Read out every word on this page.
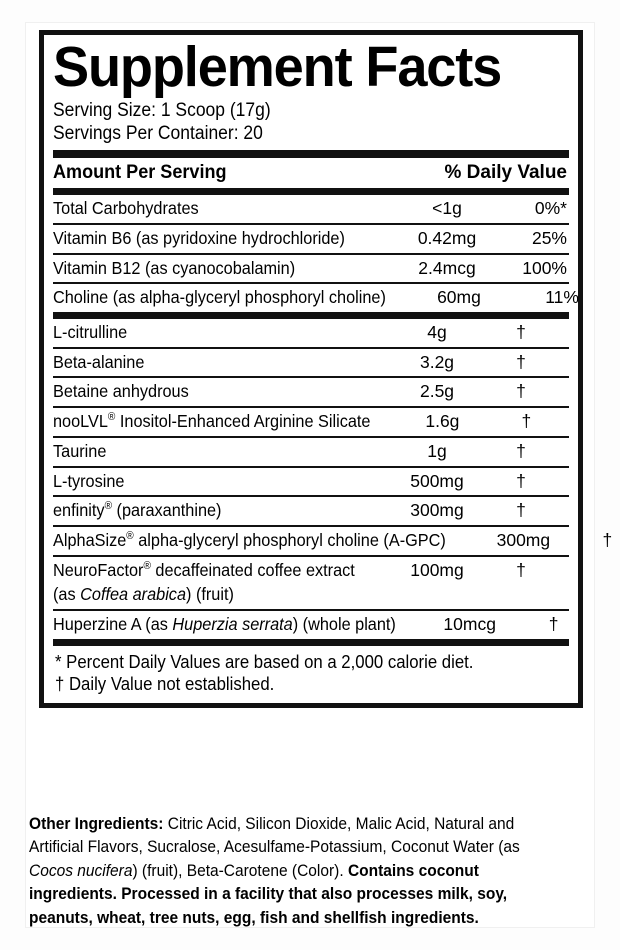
Supplement Facts
Serving Size: 1 Scoop (17g)
Servings Per Container: 20
Amount Per Serving	% Daily Value
Total Carbohydrates	<1g	0%*
Vitamin B6 (as pyridoxine hydrochloride)	0.42mg	25%
Vitamin B12 (as cyanocobalamin)	2.4mcg	100%
Choline (as alpha-glyceryl phosphoryl choline)	60mg	11%
L-citrulline	4g	†
Beta-alanine	3.2g	†
Betaine anhydrous	2.5g	†
nooLVL® Inositol-Enhanced Arginine Silicate	1.6g	†
Taurine	1g	†
L-tyrosine	500mg	†
enfinity® (paraxanthine)	300mg	†
AlphaSize® alpha-glyceryl phosphoryl choline (A-GPC)	300mg	†
NeuroFactor® decaffeinated coffee extract
(as Coffea arabica) (fruit)
100mg	†
Huperzine A (as Huperzia serrata) (whole plant)	10mcg	†
* Percent Daily Values are based on a 2,000 calorie diet.
† Daily Value not established.
Other Ingredients: Citric Acid, Silicon Dioxide, Malic Acid, Natural and Artificial Flavors, Sucralose, Acesulfame-Potassium, Coconut Water (as Cocos nucifera) (fruit), Beta-Carotene (Color). Contains coconut ingredients. Processed in a facility that also processes milk, soy, peanuts, wheat, tree nuts, egg, fish and shellfish ingredients.
